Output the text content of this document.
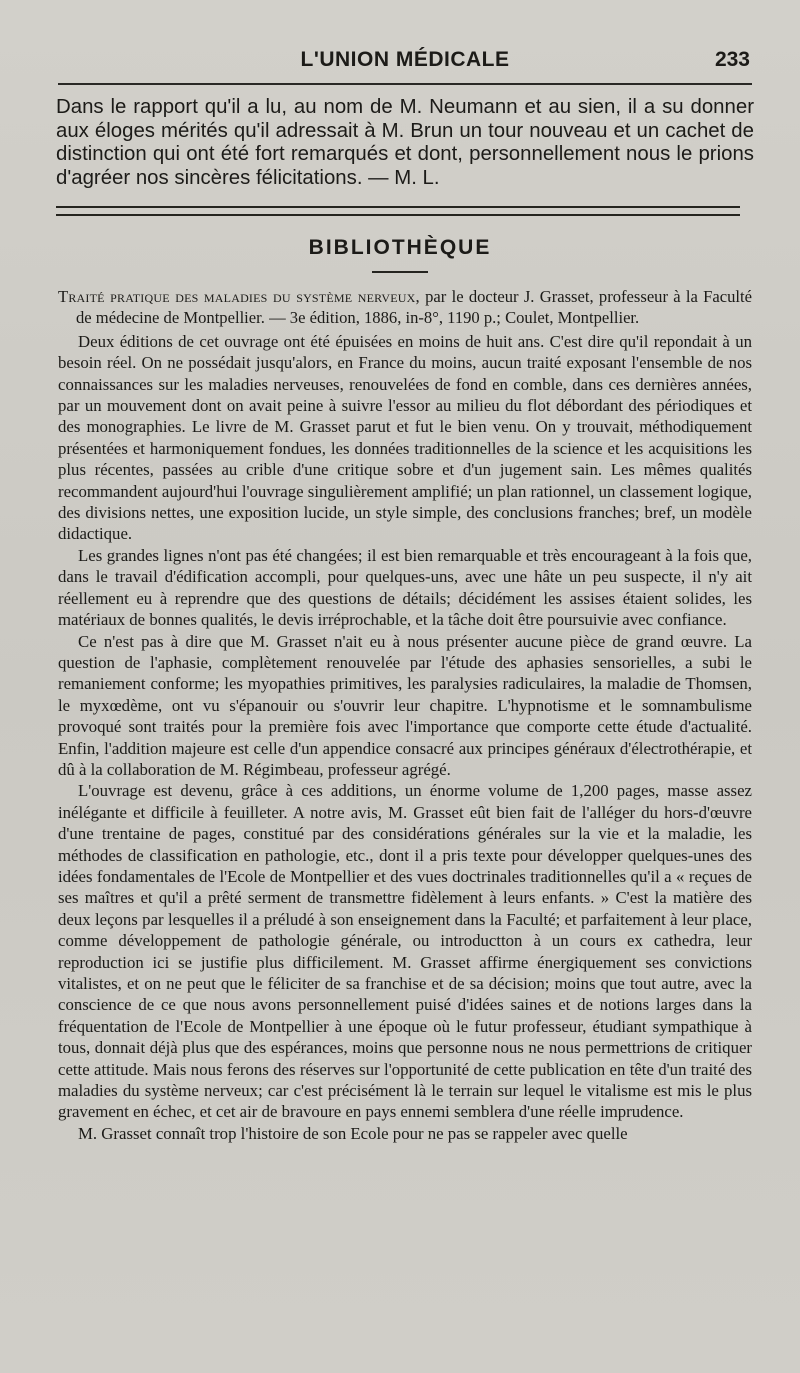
L'UNION MÉDICALE	233
Dans le rapport qu'il a lu, au nom de M. Neumann et au sien, il a su donner aux éloges mérités qu'il adressait à M. Brun un tour nouveau et un cachet de distinction qui ont été fort remarqués et dont, personnellement nous le prions d'agréer nos sincères félicitations. — M. L.
BIBLIOTHÈQUE

Traité pratique des maladies du système nerveux, par le docteur J. Grasset, professeur à la Faculté de médecine de Montpellier. — 3e édition, 1886, in-8°, 1190 p.; Coulet, Montpellier.

Deux éditions de cet ouvrage ont été épuisées en moins de huit ans. C'est dire qu'il repondait à un besoin réel. On ne possédait jusqu'alors, en France du moins, aucun traité exposant l'ensemble de nos connaissances sur les maladies nerveuses, renouvelées de fond en comble, dans ces dernières années, par un mouvement dont on avait peine à suivre l'essor au milieu du flot débordant des périodiques et des monographies. Le livre de M. Grasset parut et fut le bien venu. On y trouvait, méthodiquement présentées et harmoniquement fondues, les données traditionnelles de la science et les acquisitions les plus récentes, passées au crible d'une critique sobre et d'un jugement sain. Les mêmes qualités recommandent aujourd'hui l'ouvrage singulièrement amplifié; un plan rationnel, un classement logique, des divisions nettes, une exposition lucide, un style simple, des conclusions franches; bref, un modèle didactique.

Les grandes lignes n'ont pas été changées; il est bien remarquable et très encourageant à la fois que, dans le travail d'édification accompli, pour quelques-uns, avec une hâte un peu suspecte, il n'y ait réellement eu à reprendre que des questions de détails; décidément les assises étaient solides, les matériaux de bonnes qualités, le devis irréprochable, et la tâche doit être poursuivie avec confiance.

Ce n'est pas à dire que M. Grasset n'ait eu à nous présenter aucune pièce de grand œuvre. La question de l'aphasie, complètement renouvelée par l'étude des aphasies sensorielles, a subi le remaniement conforme; les myopathies primitives, les paralysies radiculaires, la maladie de Thomsen, le myxœdème, ont vu s'épanouir ou s'ouvrir leur chapitre. L'hypnotisme et le somnambulisme provoqué sont traités pour la première fois avec l'importance que comporte cette étude d'actualité. Enfin, l'addition majeure est celle d'un appendice consacré aux principes généraux d'électrothérapie, et dû à la collaboration de M. Régimbeau, professeur agrégé.

L'ouvrage est devenu, grâce à ces additions, un énorme volume de 1,200 pages, masse assez inélégante et difficile à feuilleter. A notre avis, M. Grasset eût bien fait de l'alléger du hors-d'œuvre d'une trentaine de pages, constitué par des considérations générales sur la vie et la maladie, les méthodes de classification en pathologie, etc., dont il a pris texte pour développer quelques-unes des idées fondamentales de l'Ecole de Montpellier et des vues doctrinales traditionnelles qu'il a « reçues de ses maîtres et qu'il a prêté serment de transmettre fidèlement à leurs enfants. » C'est la matière des deux leçons par lesquelles il a préludé à son enseignement dans la Faculté; et parfaitement à leur place, comme développement de pathologie générale, ou introductton à un cours ex cathedra, leur reproduction ici se justifie plus difficilement. M. Grasset affirme énergiquement ses convictions vitalistes, et on ne peut que le féliciter de sa franchise et de sa décision; moins que tout autre, avec la conscience de ce que nous avons personnellement puisé d'idées saines et de notions larges dans la fréquentation de l'Ecole de Montpellier à une époque où le futur professeur, étudiant sympathique à tous, donnait déjà plus que des espérances, moins que personne nous ne nous permettrions de critiquer cette attitude. Mais nous ferons des réserves sur l'opportunité de cette publication en tête d'un traité des maladies du système nerveux; car c'est précisément là le terrain sur lequel le vitalisme est mis le plus gravement en échec, et cet air de bravoure en pays ennemi semblera d'une réelle imprudence.

M. Grasset connaît trop l'histoire de son Ecole pour ne pas se rappeler avec quelle
